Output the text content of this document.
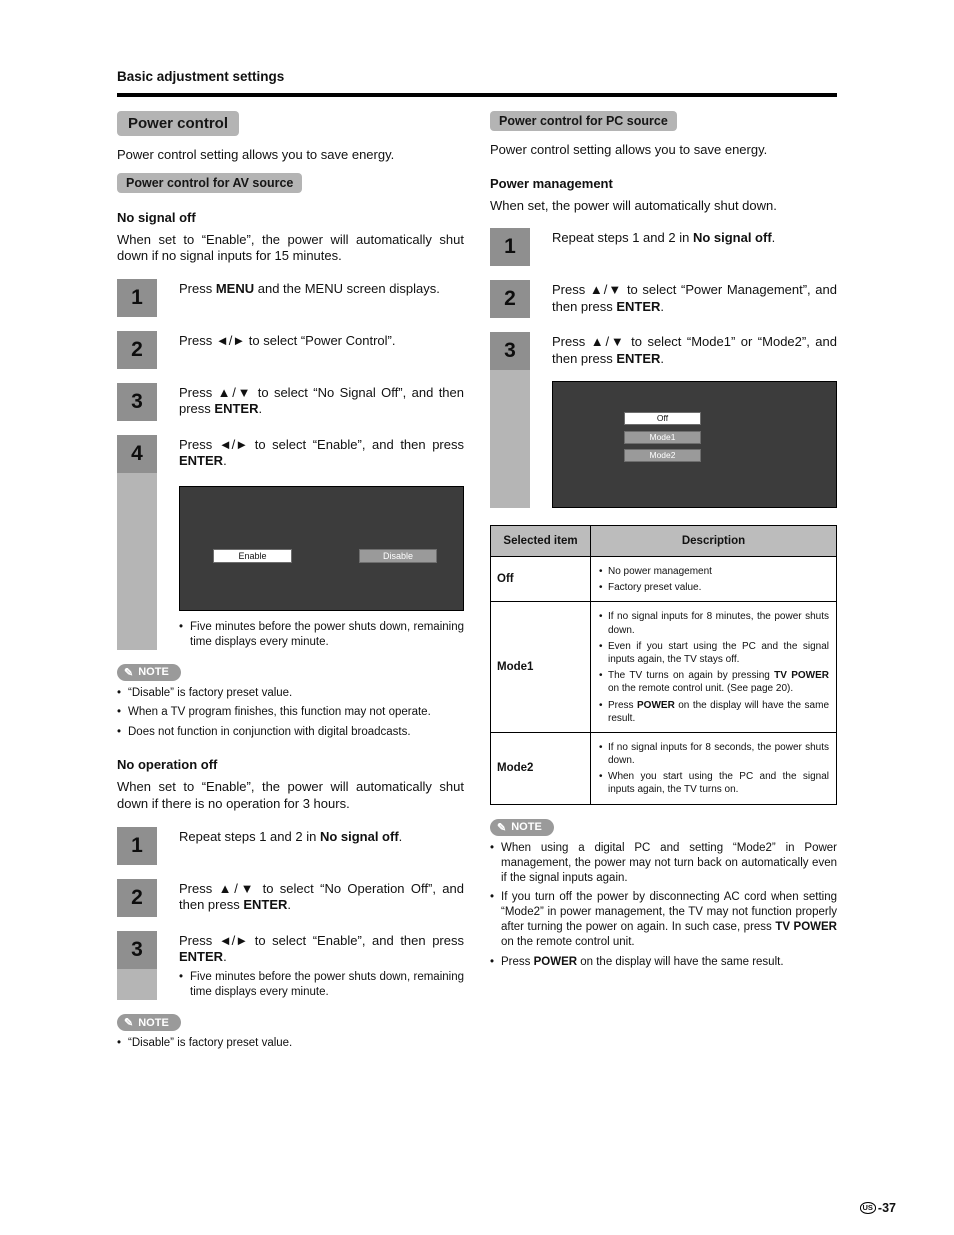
Basic adjustment settings
Power control

Power control setting allows you to save energy.

Power control for AV source
No signal off

When set to “Enable”, the power will automatically shut down if no signal inputs for 15 minutes.

1	Press MENU and the MENU screen displays.

2	Press ◄/► to select “Power Control”.

3	Press ▲/▼ to select “No Signal Off”, and then press ENTER.

4	Press ◄/► to select “Enable”, and then press ENTER.

Enable	Disable
• Five minutes before the power shuts down, remaining time displays every minute.
✎ NOTE
• “Disable” is factory preset value.
• When a TV program finishes, this function may not operate.
• Does not function in conjunction with digital broadcasts.
No operation off

When set to “Enable”, the power will automatically shut down if there is no operation for 3 hours.

1	Repeat steps 1 and 2 in No signal off.

2	Press ▲/▼ to select “No Operation Off”, and then press ENTER.

3	Press ◄/► to select “Enable”, and then press ENTER.

• Five minutes before the power shuts down, remaining time displays every minute.
✎ NOTE
• “Disable” is factory preset value.
Power control for PC source

Power control setting allows you to save energy.

Power management

When set, the power will automatically shut down.

1	Repeat steps 1 and 2 in No signal off.

2	Press ▲/▼ to select “Power Management”, and then press ENTER.

3	Press ▲/▼ to select “Mode1” or “Mode2”, and then press ENTER.

Off
Mode1
Mode2
Selected item	Description
Off	• No power management
• Factory preset value.

Mode1	• If no signal inputs for 8 minutes, the power shuts down.
• Even if you start using the PC and the signal inputs again, the TV stays off.
• The TV turns on again by pressing TV POWER on the remote control unit. (See page 20).
• Press POWER on the display will have the same result.

Mode2	• If no signal inputs for 8 seconds, the power shuts down.
• When you start using the PC and the signal inputs again, the TV turns on.
✎ NOTE
• When using a digital PC and setting “Mode2” in Power management, the power may not turn back on automatically even if the signal inputs again.
• If you turn off the power by disconnecting AC cord when setting “Mode2” in power management, the TV may not function properly after turning the power on again. In such case, press TV POWER on the remote control unit.
• Press POWER on the display will have the same result.
US -37
